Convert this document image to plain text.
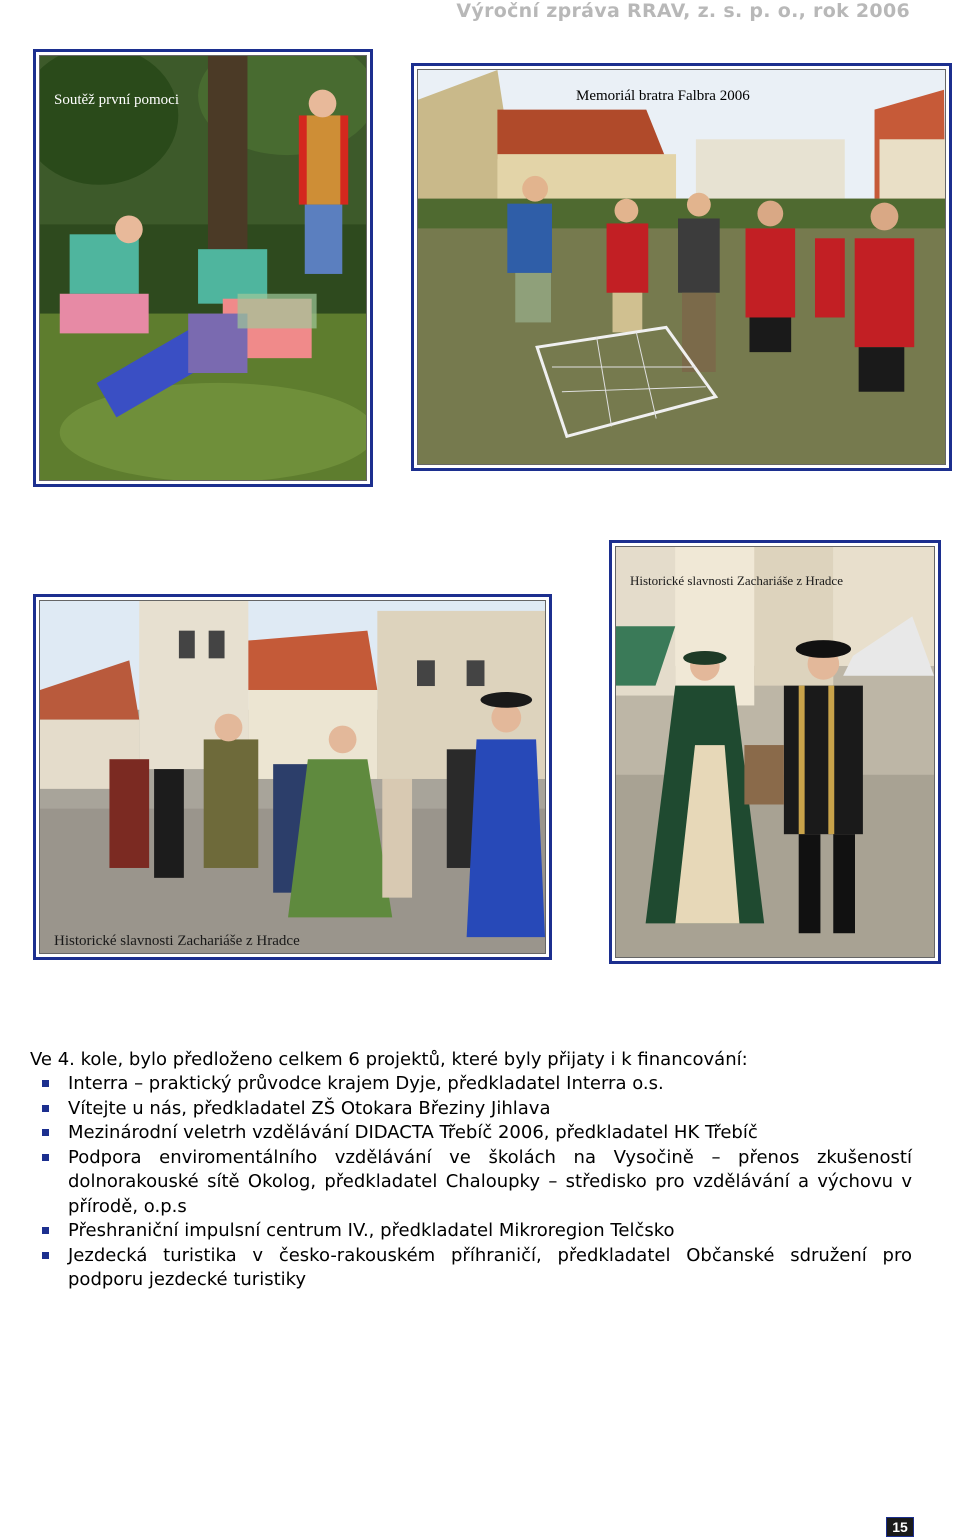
Výroční zpráva RRAV, z. s. p. o., rok 2006
Soutěž první pomoci	Memoriál bratra Falbra 2006
Historické slavnosti Zachariáše z Hradce
Historické slavnosti Zachariáše z Hradce
Ve 4. kole, bylo předloženo celkem 6 projektů, které byly přijaty i k financování:
Interra – praktický průvodce krajem Dyje, předkladatel Interra o.s.
Vítejte u nás, předkladatel ZŠ Otokara Březiny Jihlava
Mezinárodní veletrh vzdělávání DIDACTA Třebíč 2006, předkladatel HK Třebíč
Podpora enviromentálního vzdělávání ve školách na Vysočině – přenos zkušeností dolnorakouské sítě Okolog, předkladatel Chaloupky – středisko pro vzdělávání a výchovu v přírodě, o.p.s
Přeshraniční impulsní centrum IV., předkladatel Mikroregion Telčsko
Jezdecká turistika v česko-rakouském příhraničí, předkladatel Občanské sdružení pro podporu jezdecké turistiky
15
